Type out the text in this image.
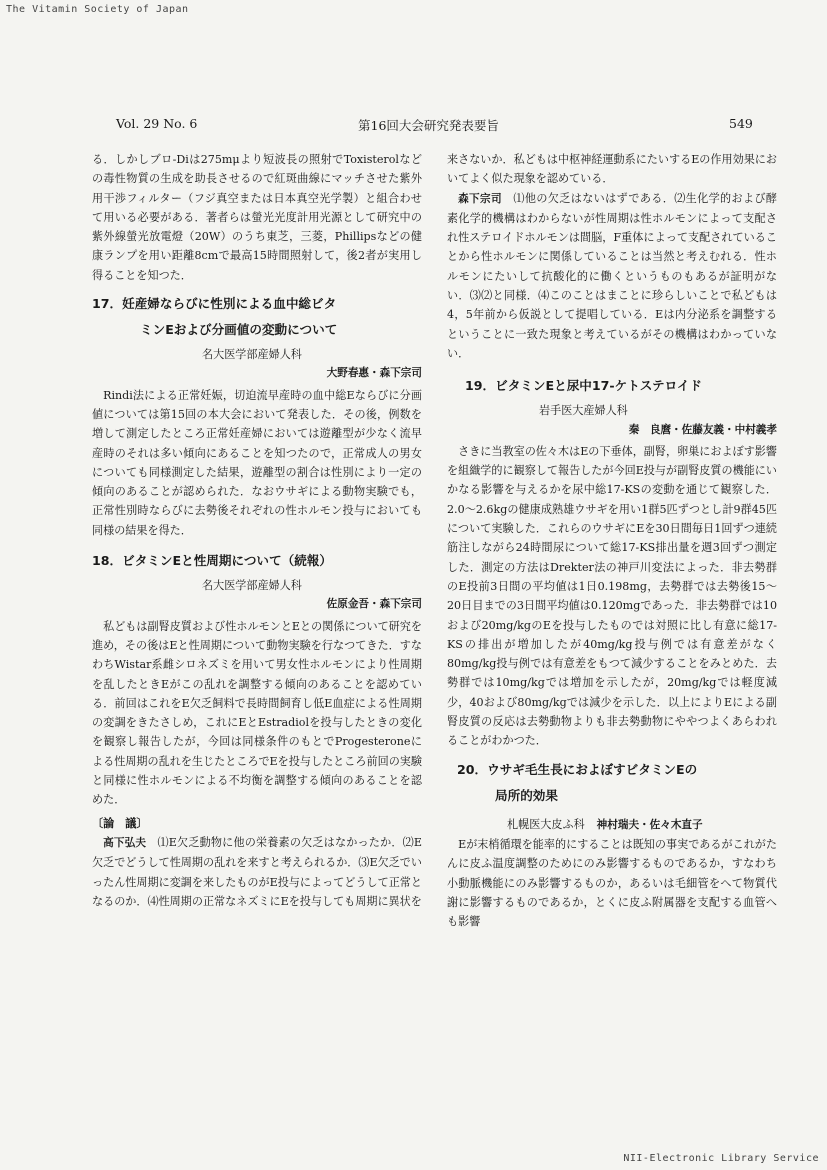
The Vitamin Society of Japan
Vol. 29 No. 6	第16回大会研究発表要旨	549

る．しかしブロ-Diは275mμより短波長の照射でToxisterolなどの毒性物質の生成を助長させるので紅斑曲線にマッチさせた紫外用干渉フィルター（フジ真空または日本真空光学製）と組合わせて用いる必要がある．著者らは螢光光度計用光源として研究中の紫外線螢光放電燈（20W）のうち東芝，三菱，Phillipsなどの健康ランプを用い距離8cmで最高15時間照射して，後2者が実用し得ることを知つた．

17．妊産婦ならびに性別による血中総ビタ
ミンEおよび分画値の変動について
名大医学部産婦人科
大野春惠・森下宗司

Rindi法による正常妊娠，切迫流早産時の血中総Eならびに分画値については第15回の本大会において発表した．その後，例数を増して測定したところ正常妊産婦においては遊離型が少なく流早産時のそれは多い傾向にあることを知つたので，正常成人の男女についても同様測定した結果，遊離型の割合は性別により一定の傾向のあることが認められた．なおウサギによる動物実験でも，正常性別時ならびに去勢後それぞれの性ホルモン投与においても同様の結果を得た．

18．ビタミンEと性周期について（続報）
名大医学部産婦人科
佐原金吾・森下宗司

私どもは副腎皮質および性ホルモンとEとの関係について研究を進め，その後はEと性周期について動物実験を行なつてきた．すなわちWistar系雌シロネズミを用いて男女性ホルモンにより性周期を乱したときEがこの乱れを調整する傾向のあることを認めている．前回はこれをE欠乏飼料で長時間飼育し低E血症による性周期の変調をきたさしめ，これにEとEstradiolを投与したときの変化を観察し報告したが，今回は同様条件のもとでProgesteroneによる性周期の乱れを生じたところでEを投与したところ前回の実験と同様に性ホルモンによる不均衡を調整する傾向のあることを認めた．

〔論　議〕

高下弘夫　 ⑴E欠乏動物に他の栄養素の欠乏はなかったか．⑵E欠乏でどうして性周期の乱れを来すと考えられるか．⑶E欠乏でいったん性周期に変調を来したものがE投与によってどうして正常となるのか．⑷性周期の正常なネズミにEを投与しても周期に異状を

来さないか．私どもは中枢神経運動系にたいするEの作用効果においてよく似た現象を認めている．

森下宗司　 ⑴他の欠乏はないはずである．⑵生化学的および酵素化学的機構はわからないが性周期は性ホルモンによって支配され性ステロイドホルモンは間脳，F重体によって支配されていることから性ホルモンに関係していることは当然と考えむれる．性ホルモンにたいして抗酸化的に働くというものもあるが証明がない．⑶⑵と同様．⑷このことはまことに珍らしいことで私どもは4，5年前から仮説として提唱している．Eは内分泌系を調整するということに一致た現象と考えているがその機構はわかっていない．

19．ビタミンEと尿中17-ケトステロイド
岩手医大産婦人科
秦　良麿・佐藤友義・中村義孝

さきに当教室の佐々木はEの下垂体，副腎，卵巣におよぼす影響を組織学的に観察して報告したが今回E投与が副腎皮質の機能にいかなる影響を与えるかを尿中総17-KSの変動を通じて観察した．2.0〜2.6kgの健康成熟雄ウサギを用い1群5匹ずつとし計9群45匹について実験した．これらのウサギにEを30日間毎日1回ずつ連続筋注しながら24時間尿について総17-KS排出量を週3回ずつ測定した．測定の方法はDrekter法の神戸川変法によった．非去勢群のE投前3日間の平均値は1日0.198mg，去勢群では去勢後15〜20日目までの3日間平均値は0.120mgであった．非去勢群では10および20mg/kgのEを投与したものでは対照に比し有意に総17-KSの排出が増加したが40mg/kg投与例では有意差がなく80mg/kg投与例では有意差をもつて減少することをみとめた．去勢群では10mg/kgでは増加を示したが，20mg/kgでは軽度減少，40および80mg/kgでは減少を示した．以上によりEによる副腎皮質の反応は去勢動物よりも非去勢動物にややつよくあらわれることがわかつた．

20．ウサギ毛生長におよぼすビタミンEの
局所的効果
札幌医大皮ふ科 神村瑞夫・佐々木直子

Eが末梢循環を能率的にすることは既知の事実であるがこれがたんに皮ふ温度調整のためにのみ影響するものであるか，すなわち小動脈機能にのみ影響するものか，あるいは毛細管をへて物質代謝に影響するものであるか，とくに皮ふ附属器を支配する血管へも影響

NII-Electronic Library Service
